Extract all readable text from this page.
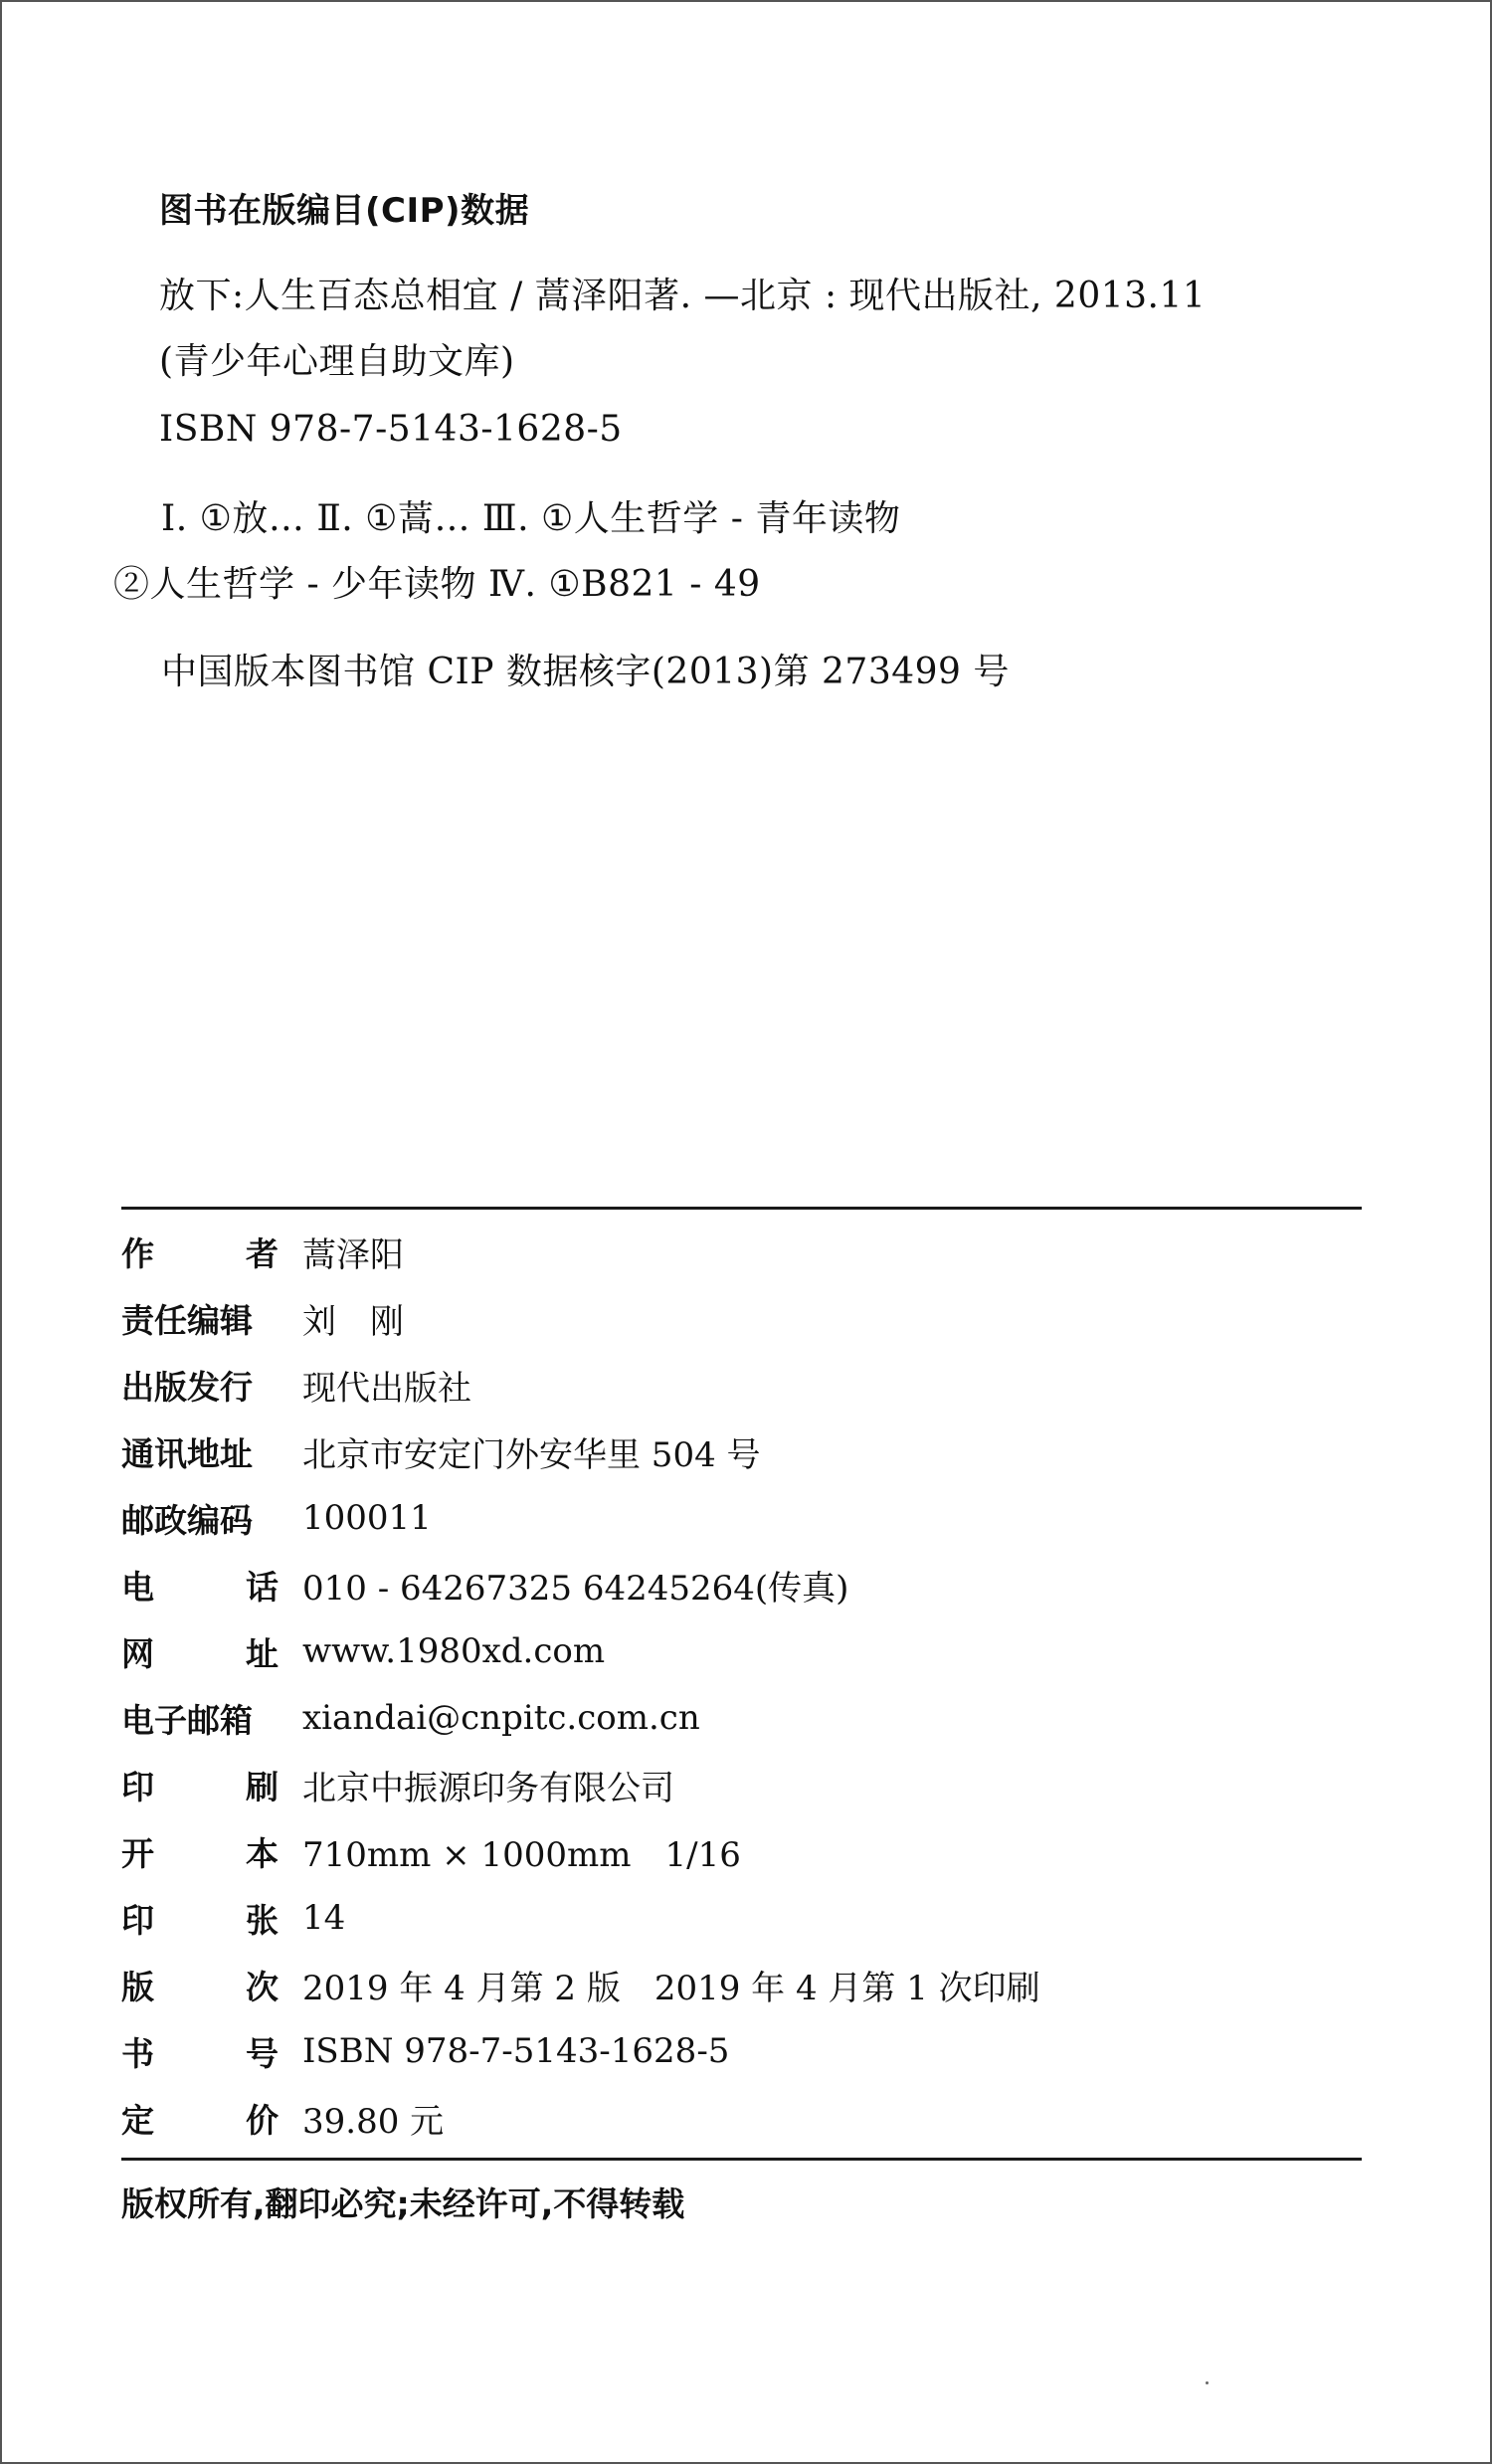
图书在版编目(CIP)数据
放下:人生百态总相宜 / 蒿泽阳著. —北京 : 现代出版社, 2013.11
(青少年心理自助文库)
ISBN 978-7-5143-1628-5
Ⅰ. ①放… Ⅱ. ①蒿… Ⅲ. ①人生哲学 - 青年读物
②人生哲学 - 少年读物 Ⅳ. ①B821 - 49
中国版本图书馆 CIP 数据核字(2013)第 273499 号
作	者 蒿泽阳
责任编辑 刘　刚
出版发行 现代出版社
通讯地址 北京市安定门外安华里 504 号
邮政编码 100011
电	话 010 - 64267325 64245264(传真)
网	址 www.1980xd.com
电子邮箱 xiandai@cnpitc.com.cn
印	刷 北京中振源印务有限公司
开	本 710mm × 1000mm　1/16
印	张 14
版	次 2019 年 4 月第 2 版　2019 年 4 月第 1 次印刷
书	号 ISBN 978-7-5143-1628-5
定	价 39.80 元
版权所有,翻印必究;未经许可,不得转载
